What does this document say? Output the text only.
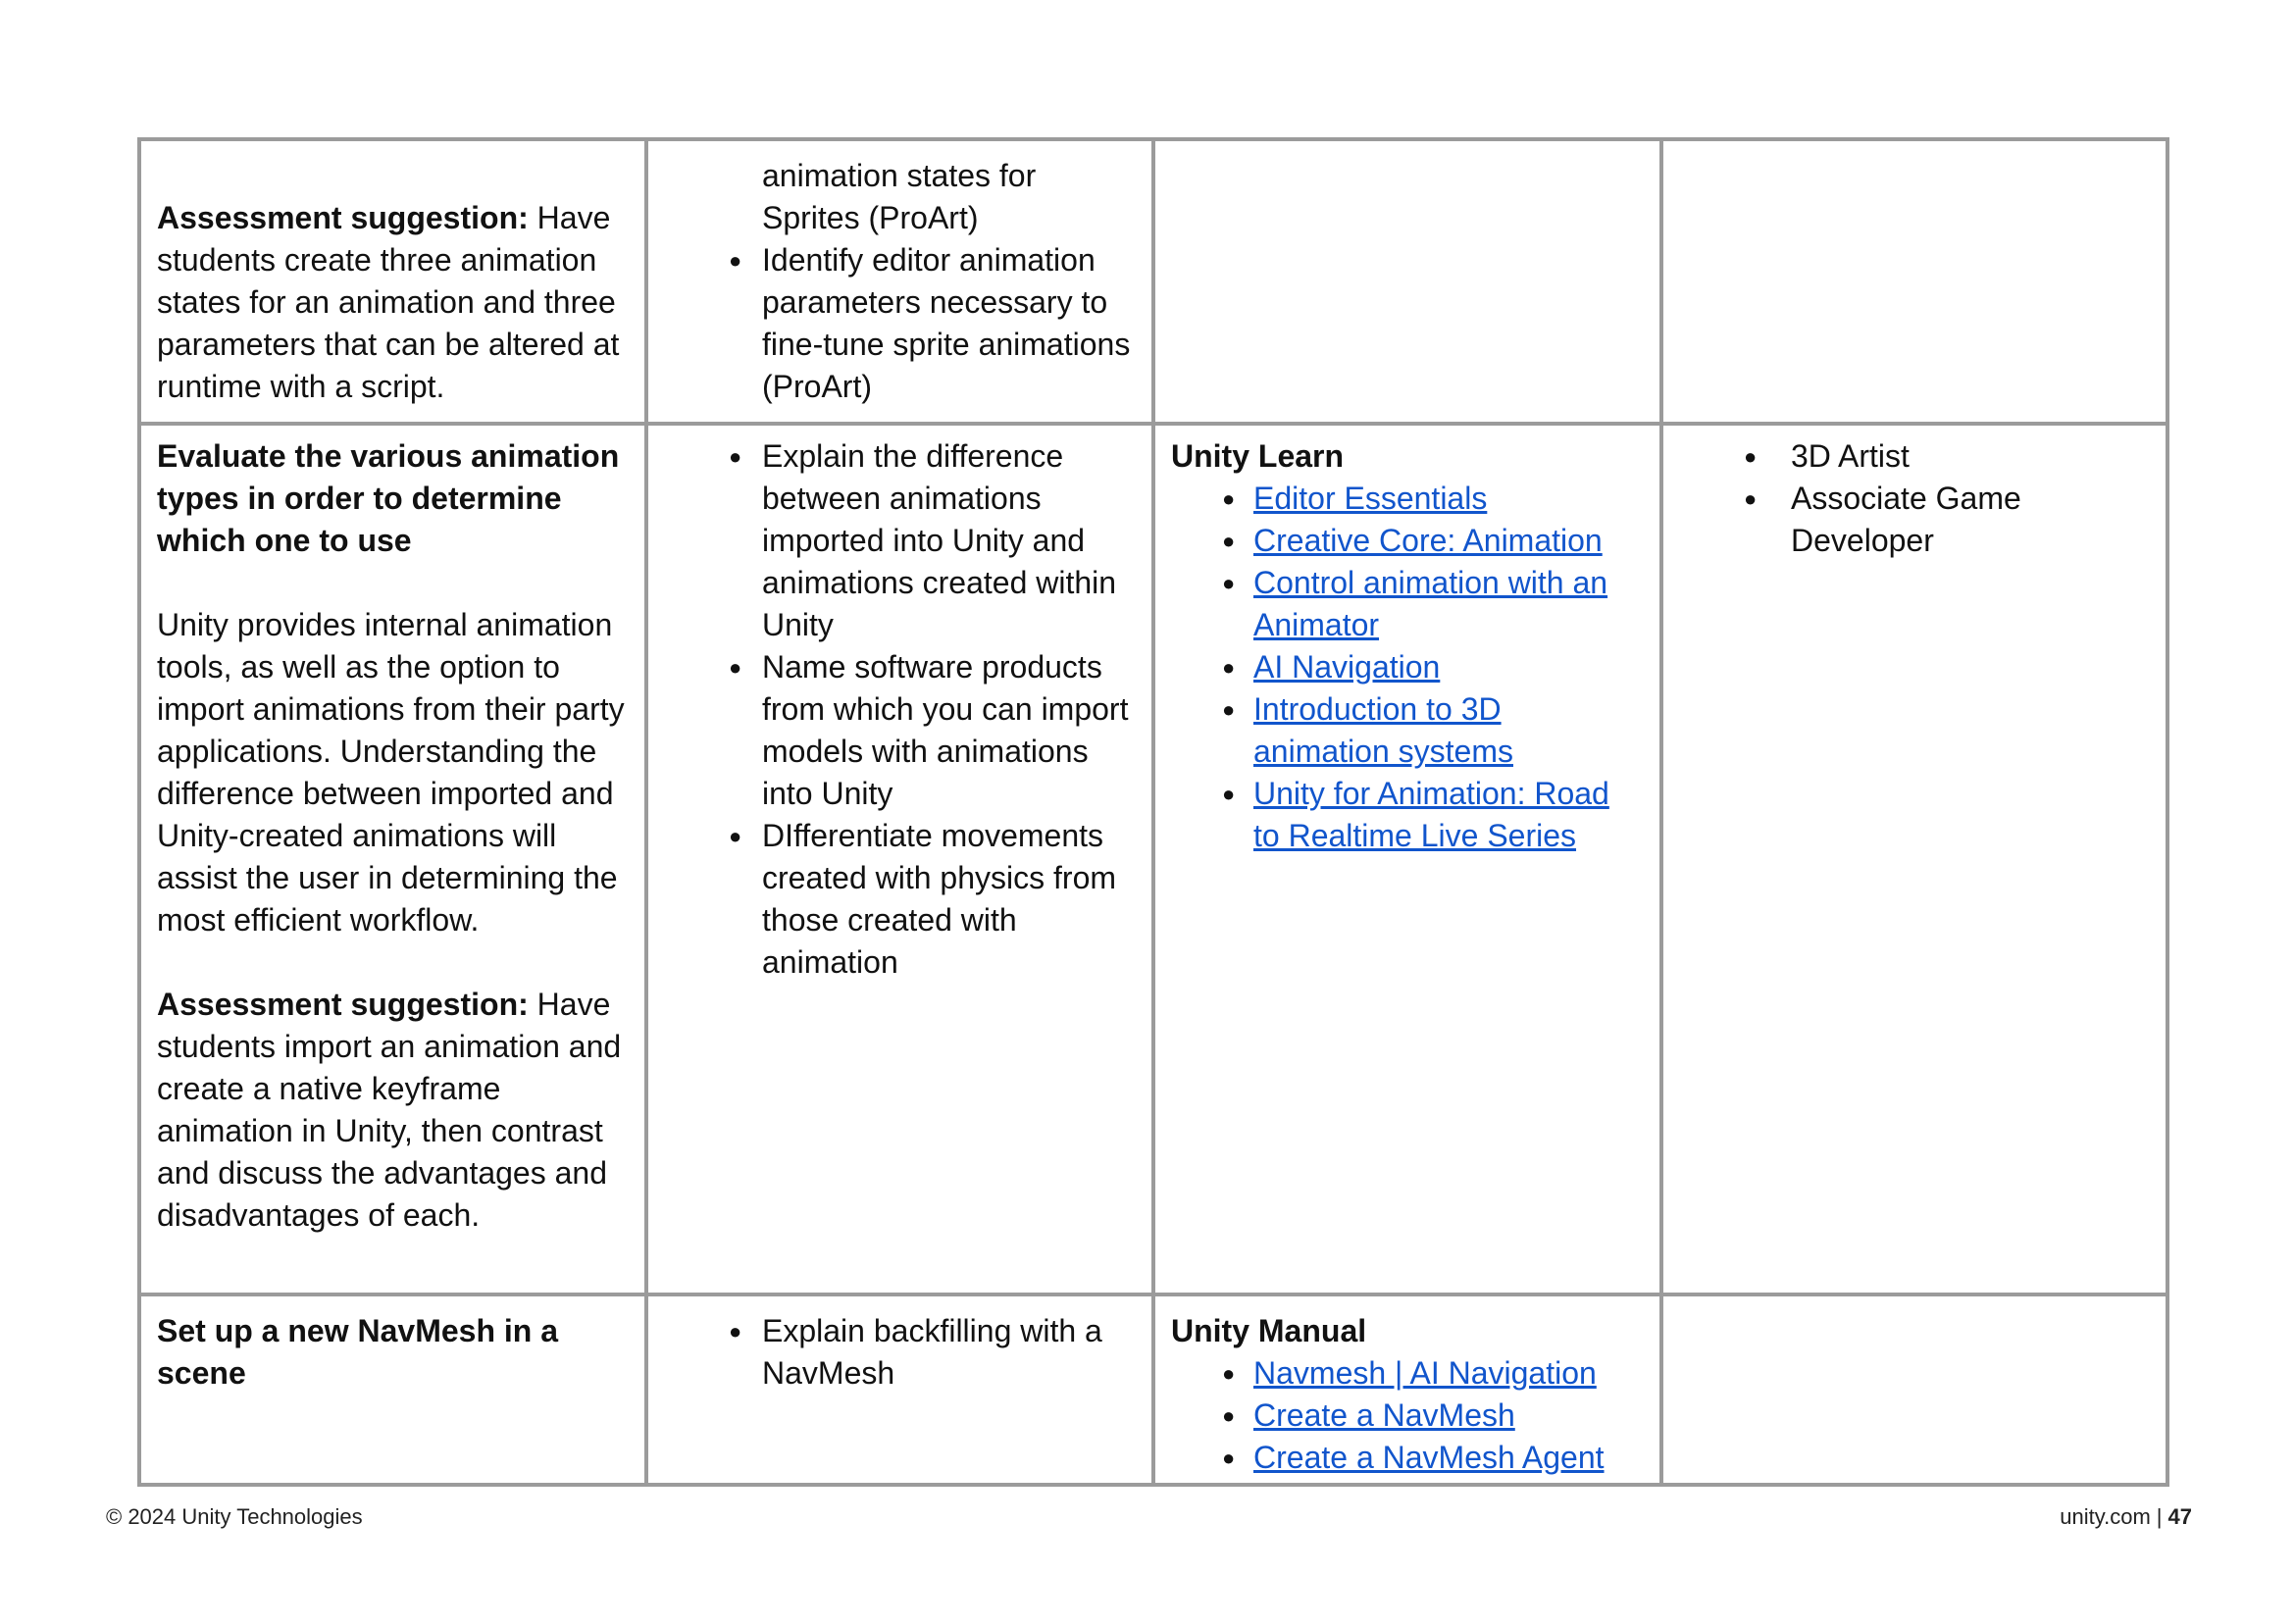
Assessment suggestion: Have students create three animation states for an animation and three parameters that can be altered at runtime with a script.

animation states for Sprites (ProArt)

● Identify editor animation parameters necessary to fine-tune sprite animations (ProArt)

Evaluate the various animation types in order to determine which one to use

Unity provides internal animation tools, as well as the option to import animations from their party applications. Understanding the difference between imported and Unity-created animations will assist the user in determining the most efficient workflow.

Assessment suggestion: Have students import an animation and create a native keyframe animation in Unity, then contrast and discuss the advantages and disadvantages of each.

● Explain the difference between animations imported into Unity and animations created within Unity
● Name software products from which you can import models with animations into Unity
● DIfferentiate movements created with physics from those created with animation

Unity Learn

● Editor Essentials
● Creative Core: Animation
● Control animation with an Animator
● AI Navigation
● Introduction to 3D animation systems
● Unity for Animation: Road to Realtime Live Series
● 3D Artist
● Associate Game Developer

Set up a new NavMesh in a scene

● Explain backfilling with a NavMesh

Unity Manual

● Navmesh | AI Navigation
● Create a NavMesh
● Create a NavMesh Agent
© 2024 Unity Technologies	unity.com | 47
